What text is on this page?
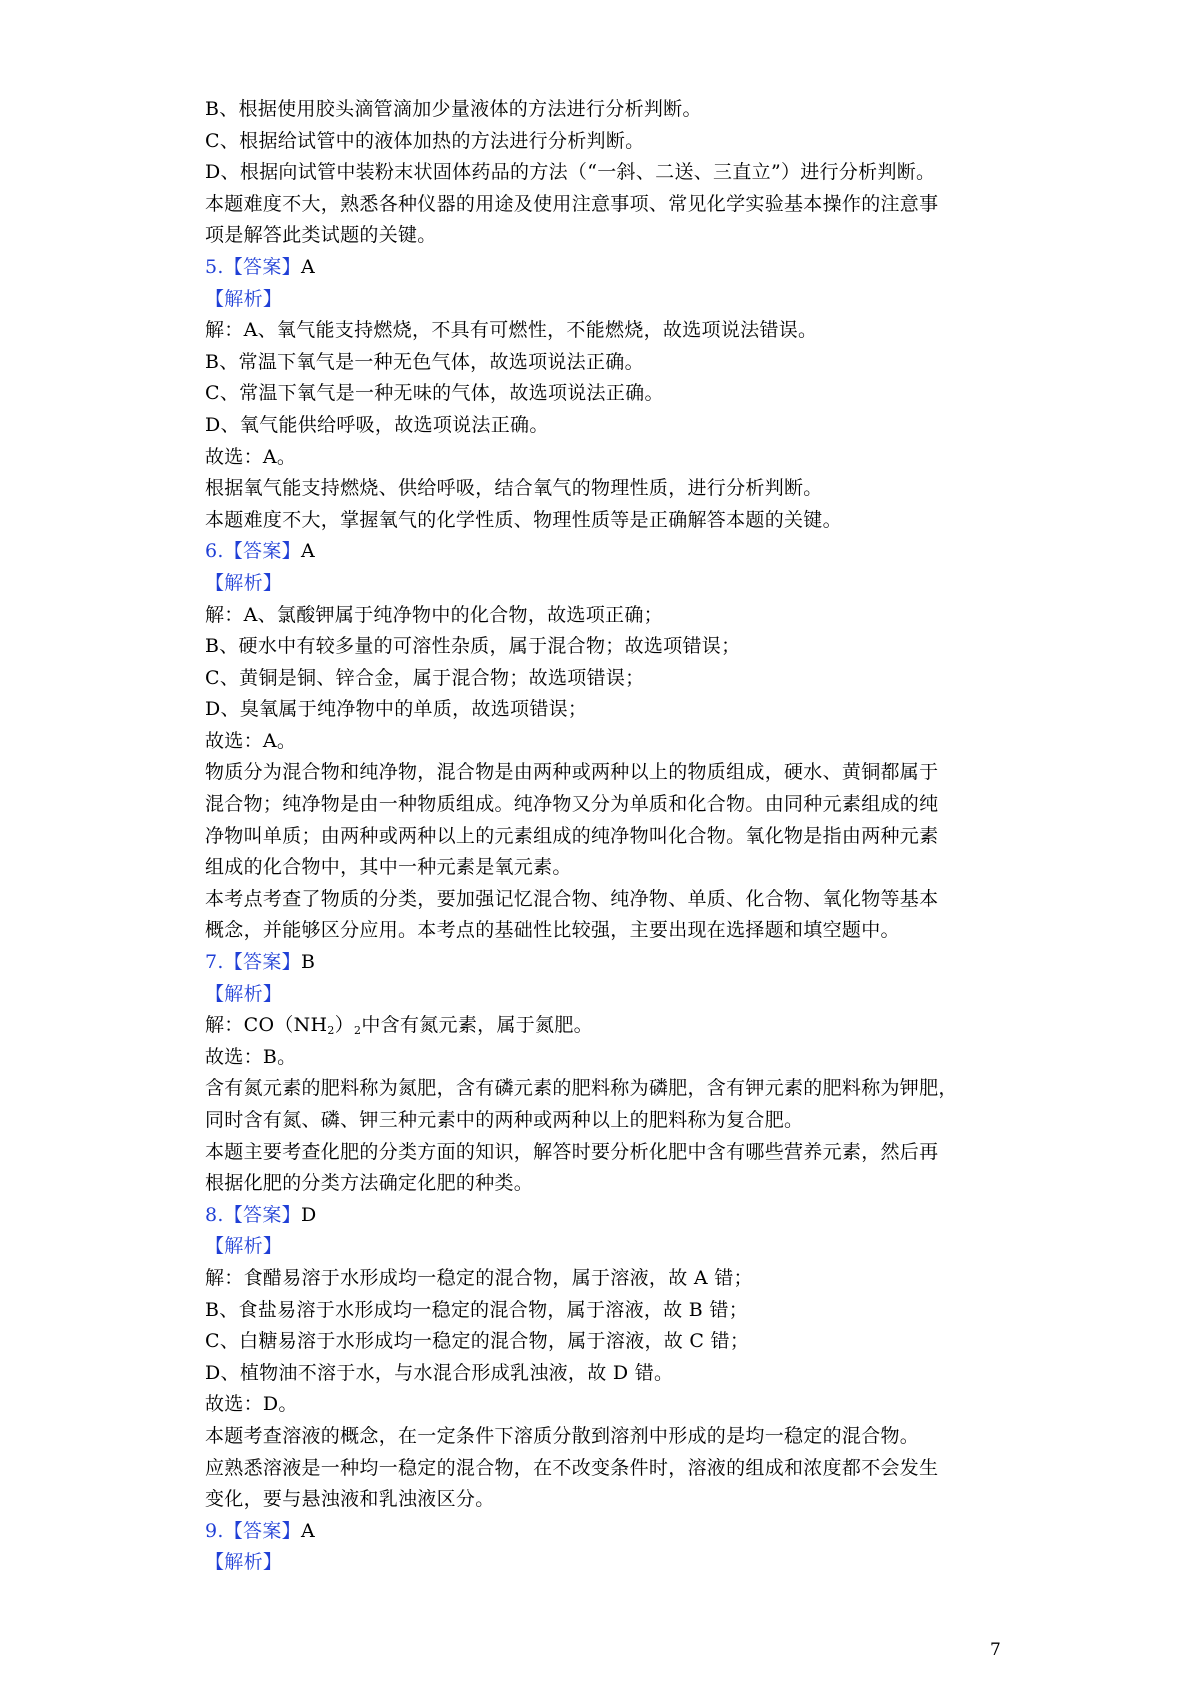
B、根据使用胶头滴管滴加少量液体的方法进行分析判断。
C、根据给试管中的液体加热的方法进行分析判断。
D、根据向试管中装粉末状固体药品的方法（“一斜、二送、三直立”）进行分析判断。
本题难度不大，熟悉各种仪器的用途及使用注意事项、常见化学实验基本操作的注意事
项是解答此类试题的关键。
5.【答案】A
【解析】
解：A、氧气能支持燃烧，不具有可燃性，不能燃烧，故选项说法错误。
B、常温下氧气是一种无色气体，故选项说法正确。
C、常温下氧气是一种无味的气体，故选项说法正确。
D、氧气能供给呼吸，故选项说法正确。
故选：A。
根据氧气能支持燃烧、供给呼吸，结合氧气的物理性质，进行分析判断。
本题难度不大，掌握氧气的化学性质、物理性质等是正确解答本题的关键。
6.【答案】A
【解析】
解：A、氯酸钾属于纯净物中的化合物，故选项正确；
B、硬水中有较多量的可溶性杂质，属于混合物；故选项错误；
C、黄铜是铜、锌合金，属于混合物；故选项错误；
D、臭氧属于纯净物中的单质，故选项错误；
故选：A。
物质分为混合物和纯净物，混合物是由两种或两种以上的物质组成，硬水、黄铜都属于
混合物；纯净物是由一种物质组成。纯净物又分为单质和化合物。由同种元素组成的纯
净物叫单质；由两种或两种以上的元素组成的纯净物叫化合物。氧化物是指由两种元素
组成的化合物中，其中一种元素是氧元素。
本考点考查了物质的分类，要加强记忆混合物、纯净物、单质、化合物、氧化物等基本
概念，并能够区分应用。本考点的基础性比较强，主要出现在选择题和填空题中。
7.【答案】B
【解析】
解：$CO(NH_2)_2$中含有氮元素，属于氮肥。
故选：B。
含有氮元素的肥料称为氮肥，含有磷元素的肥料称为磷肥，含有钾元素的肥料称为钾肥，
同时含有氮、磷、钾三种元素中的两种或两种以上的肥料称为复合肥。
本题主要考查化肥的分类方面的知识，解答时要分析化肥中含有哪些营养元素，然后再
根据化肥的分类方法确定化肥的种类。
8.【答案】D
【解析】
解：食醋易溶于水形成均一稳定的混合物，属于溶液，故 A 错；
B、食盐易溶于水形成均一稳定的混合物，属于溶液，故 B 错；
C、白糖易溶于水形成均一稳定的混合物，属于溶液，故 C 错；
D、植物油不溶于水，与水混合形成乳浊液，故 D 错。
故选：D。
本题考查溶液的概念，在一定条件下溶质分散到溶剂中形成的是均一稳定的混合物。
应熟悉溶液是一种均一稳定的混合物，在不改变条件时，溶液的组成和浓度都不会发生
变化，要与悬浊液和乳浊液区分。
9.【答案】A
【解析】
7
